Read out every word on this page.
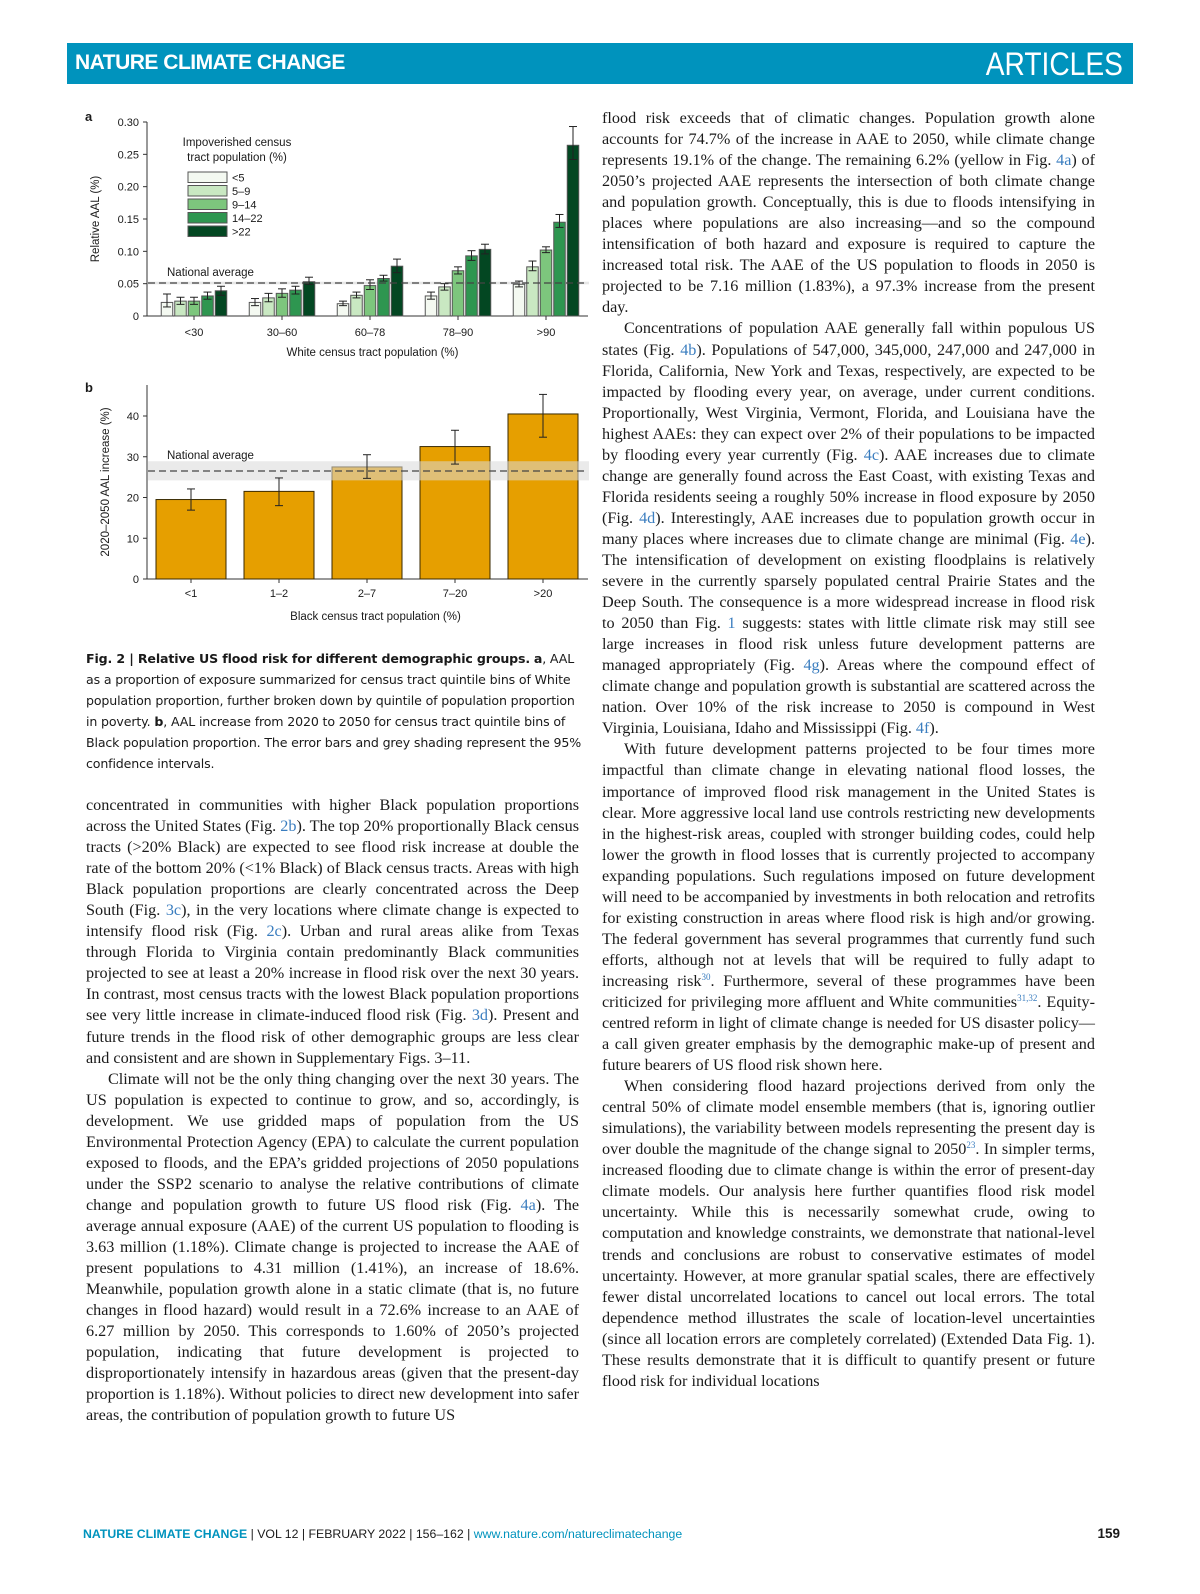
NATURE CLIMATE CHANGE	ARTICLES
a
0
0.05
0.10
0.15
0.20
0.25
0.30
Relative AAL (%)
<30	30–60	60–78	78–90	>90
National average
White census tract population (%)
Impoverished census
tract population (%)
<5
5–9
9–14
14–22
>22
b
0
10
20
30
40
2020–2050 AAL increase (%)	National average
<1	1–2	2–7	7–20	>20
Black census tract population (%)
Fig. 2 | Relative US flood risk for different demographic groups. a, AAL as a proportion of exposure summarized for census tract quintile bins of White population proportion, further broken down by quintile of population proportion in poverty. b, AAL increase from 2020 to 2050 for census tract quintile bins of Black population proportion. The error bars and grey shading represent the 95% confidence intervals.

concentrated in communities with higher Black population proportions across the United States (Fig. 2b). The top 20% proportionally Black census tracts (>20% Black) are expected to see flood risk increase at double the rate of the bottom 20% (<1% Black) of Black census tracts. Areas with high Black population proportions are clearly concentrated across the Deep South (Fig. 3c), in the very locations where climate change is expected to intensify flood risk (Fig. 2c). Urban and rural areas alike from Texas through Florida to Virginia contain predominantly Black communities projected to see at least a 20% increase in flood risk over the next 30 years. In contrast, most census tracts with the lowest Black population proportions see very little increase in climate-induced flood risk (Fig. 3d). Present and future trends in the flood risk of other demographic groups are less clear and consistent and are shown in Supplementary Figs. 3–11.

Climate will not be the only thing changing over the next 30 years. The US population is expected to continue to grow, and so, accordingly, is development. We use gridded maps of population from the US Environmental Protection Agency (EPA) to calculate the current population exposed to floods, and the EPA’s gridded projections of 2050 populations under the SSP2 scenario to analyse the relative contributions of climate change and population growth to future US flood risk (Fig. 4a). The average annual exposure (AAE) of the current US population to flooding is 3.63 million (1.18%). Climate change is projected to increase the AAE of present populations to 4.31 million (1.41%), an increase of 18.6%. Meanwhile, population growth alone in a static climate (that is, no future changes in flood hazard) would result in a 72.6% increase to an AAE of 6.27 million by 2050. This corresponds to 1.60% of 2050’s projected population, indicating that future development is projected to disproportionately intensify in hazardous areas (given that the present-day proportion is 1.18%). Without policies to direct new development into safer areas, the contribution of population growth to future US

flood risk exceeds that of climatic changes. Population growth alone accounts for 74.7% of the increase in AAE to 2050, while climate change represents 19.1% of the change. The remaining 6.2% (yellow in Fig. 4a) of 2050’s projected AAE represents the intersection of both climate change and population growth. Conceptually, this is due to floods intensifying in places where populations are also increasing—and so the compound intensification of both hazard and exposure is required to capture the increased total risk. The AAE of the US population to floods in 2050 is projected to be 7.16 million (1.83%), a 97.3% increase from the present day.

Concentrations of population AAE generally fall within populous US states (Fig. 4b). Populations of 547,000, 345,000, 247,000 and 247,000 in Florida, California, New York and Texas, respectively, are expected to be impacted by flooding every year, on average, under current conditions. Proportionally, West Virginia, Vermont, Florida, and Louisiana have the highest AAEs: they can expect over 2% of their populations to be impacted by flooding every year currently (Fig. 4c). AAE increases due to climate change are generally found across the East Coast, with existing Texas and Florida residents seeing a roughly 50% increase in flood exposure by 2050 (Fig. 4d). Interestingly, AAE increases due to population growth occur in many places where increases due to climate change are minimal (Fig. 4e). The intensification of development on existing floodplains is relatively severe in the currently sparsely populated central Prairie States and the Deep South. The consequence is a more widespread increase in flood risk to 2050 than Fig. 1 suggests: states with little climate risk may still see large increases in flood risk unless future development patterns are managed appropriately (Fig. 4g). Areas where the compound effect of climate change and population growth is substantial are scattered across the nation. Over 10% of the risk increase to 2050 is compound in West Virginia, Louisiana, Idaho and Mississippi (Fig. 4f).

With future development patterns projected to be four times more impactful than climate change in elevating national flood losses, the importance of improved flood risk management in the United States is clear. More aggressive local land use controls restricting new developments in the highest-risk areas, coupled with stronger building codes, could help lower the growth in flood losses that is currently projected to accompany expanding populations. Such regulations imposed on future development will need to be accompanied by investments in both relocation and retrofits for existing construction in areas where flood risk is high and/or growing. The federal government has several programmes that currently fund such efforts, although not at levels that will be required to fully adapt to increasing risk$^{30}$. Furthermore, several of these programmes have been criticized for privileging more affluent and White communities$^{31,32}$. Equity-centred reform in light of climate change is needed for US disaster policy—a call given greater emphasis by the demographic make-up of present and future bearers of US flood risk shown here.

When considering flood hazard projections derived from only the central 50% of climate model ensemble members (that is, ignoring outlier simulations), the variability between models representing the present day is over double the magnitude of the change signal to 2050$^{23}$. In simpler terms, increased flooding due to climate change is within the error of present-day climate models. Our analysis here further quantifies flood risk model uncertainty. While this is necessarily somewhat crude, owing to computation and knowledge constraints, we demonstrate that national-level trends and conclusions are robust to conservative estimates of model uncertainty. However, at more granular spatial scales, there are effectively fewer distal uncorrelated locations to cancel out local errors. The total dependence method illustrates the scale of location-level uncertainties (since all location errors are completely correlated) (Extended Data Fig. 1). These results demonstrate that it is difficult to quantify present or future flood risk for individual locations

NATURE CLIMATE CHANGE | VOL 12 | FEBRUARY 2022 | 156–162 | www.nature.com/natureclimatechange	159
